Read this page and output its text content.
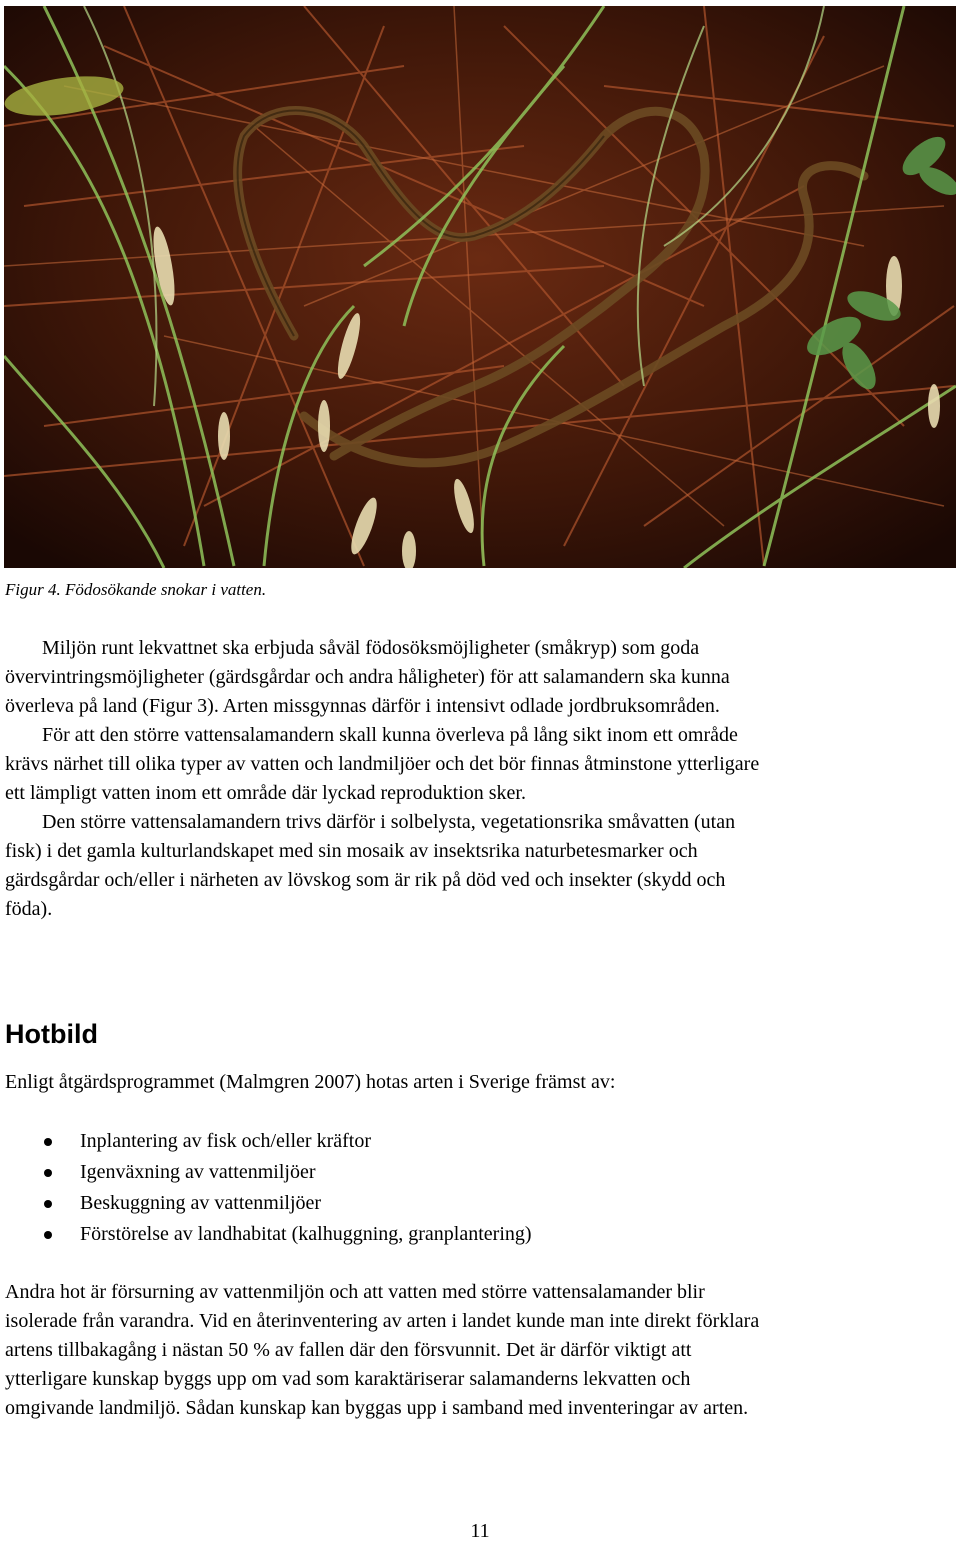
Figur 4. Födosökande snokar i vatten.

Miljön runt lekvattnet ska erbjuda såväl födosöksmöjligheter (småkryp) som goda
övervintringsmöjligheter (gärdsgårdar och andra håligheter) för att salamandern ska kunna
överleva på land (Figur 3). Arten missgynnas därför i intensivt odlade jordbruksområden.

För att den större vattensalamandern skall kunna överleva på lång sikt inom ett område
krävs närhet till olika typer av vatten och landmiljöer och det bör finnas åtminstone ytterligare
ett lämpligt vatten inom ett område där lyckad reproduktion sker.

Den större vattensalamandern trivs därför i solbelysta, vegetationsrika småvatten (utan
fisk) i det gamla kulturlandskapet med sin mosaik av insektsrika naturbetesmarker och
gärdsgårdar och/eller i närheten av lövskog som är rik på död ved och insekter (skydd och
föda).

Hotbild

Enligt åtgärdsprogrammet (Malmgren 2007) hotas arten i Sverige främst av:

Inplantering av fisk och/eller kräftor
Igenväxning av vattenmiljöer
Beskuggning av vattenmiljöer
Förstörelse av landhabitat (kalhuggning, granplantering)

Andra hot är försurning av vattenmiljön och att vatten med större vattensalamander blir
isolerade från varandra. Vid en återinventering av arten i landet kunde man inte direkt förklara
artens tillbakagång i nästan 50 % av fallen där den försvunnit. Det är därför viktigt att
ytterligare kunskap byggs upp om vad som karaktäriserar salamanderns lekvatten och
omgivande landmiljö. Sådan kunskap kan byggas upp i samband med inventeringar av arten.

11
